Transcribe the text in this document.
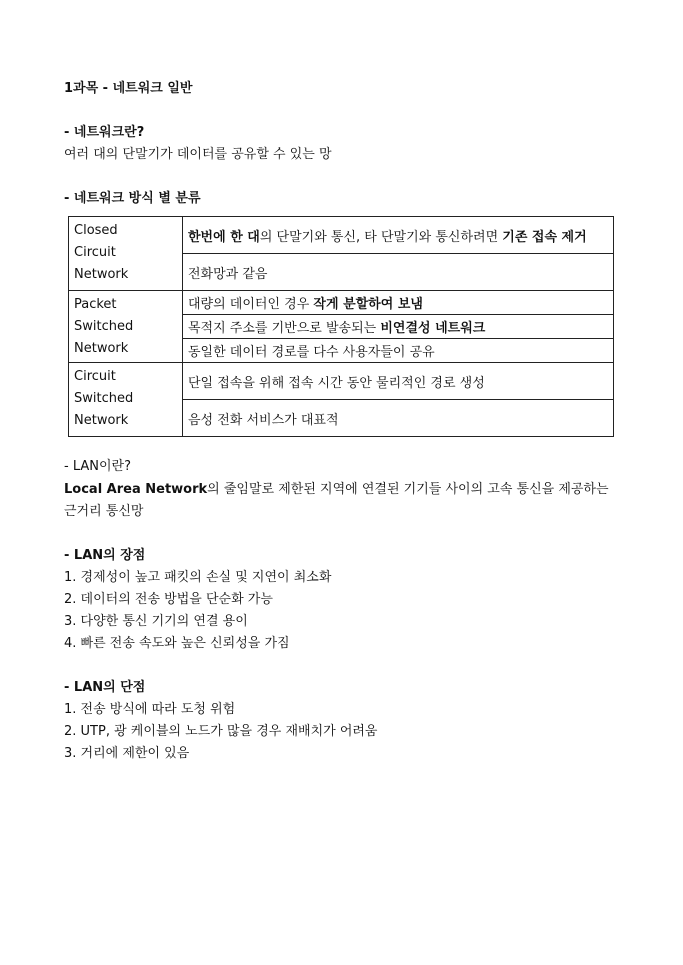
1과목 - 네트워크 일반
- 네트워크란?
여러 대의 단말기가 데이터를 공유할 수 있는 망
- 네트워크 방식 별 분류
Closed
Circuit
Network	한번에 한 대의 단말기와 통신, 타 단말기와 통신하려면 기존 접속 제거
	전화망과 같음

Packet
Switched
Network	대량의 데이터인 경우 작게 분할하여 보냄
	목적지 주소를 기반으로 발송되는 비연결성 네트워크
	동일한 데이터 경로를 다수 사용자들이 공유

Circuit
Switched
Network	단일 접속을 위해 접속 시간 동안 물리적인 경로 생성
	음성 전화 서비스가 대표적
- LAN이란?
Local Area Network의 줄임말로 제한된 지역에 연결된 기기들 사이의 고속 통신을 제공하는
근거리 통신망
- LAN의 장점
1. 경제성이 높고 패킷의 손실 및 지연이 최소화
2. 데이터의 전송 방법을 단순화 가능
3. 다양한 통신 기기의 연결 용이
4. 빠른 전송 속도와 높은 신뢰성을 가짐
- LAN의 단점
1. 전송 방식에 따라 도청 위험
2. UTP, 광 케이블의 노드가 많을 경우 재배치가 어려움
3. 거리에 제한이 있음
